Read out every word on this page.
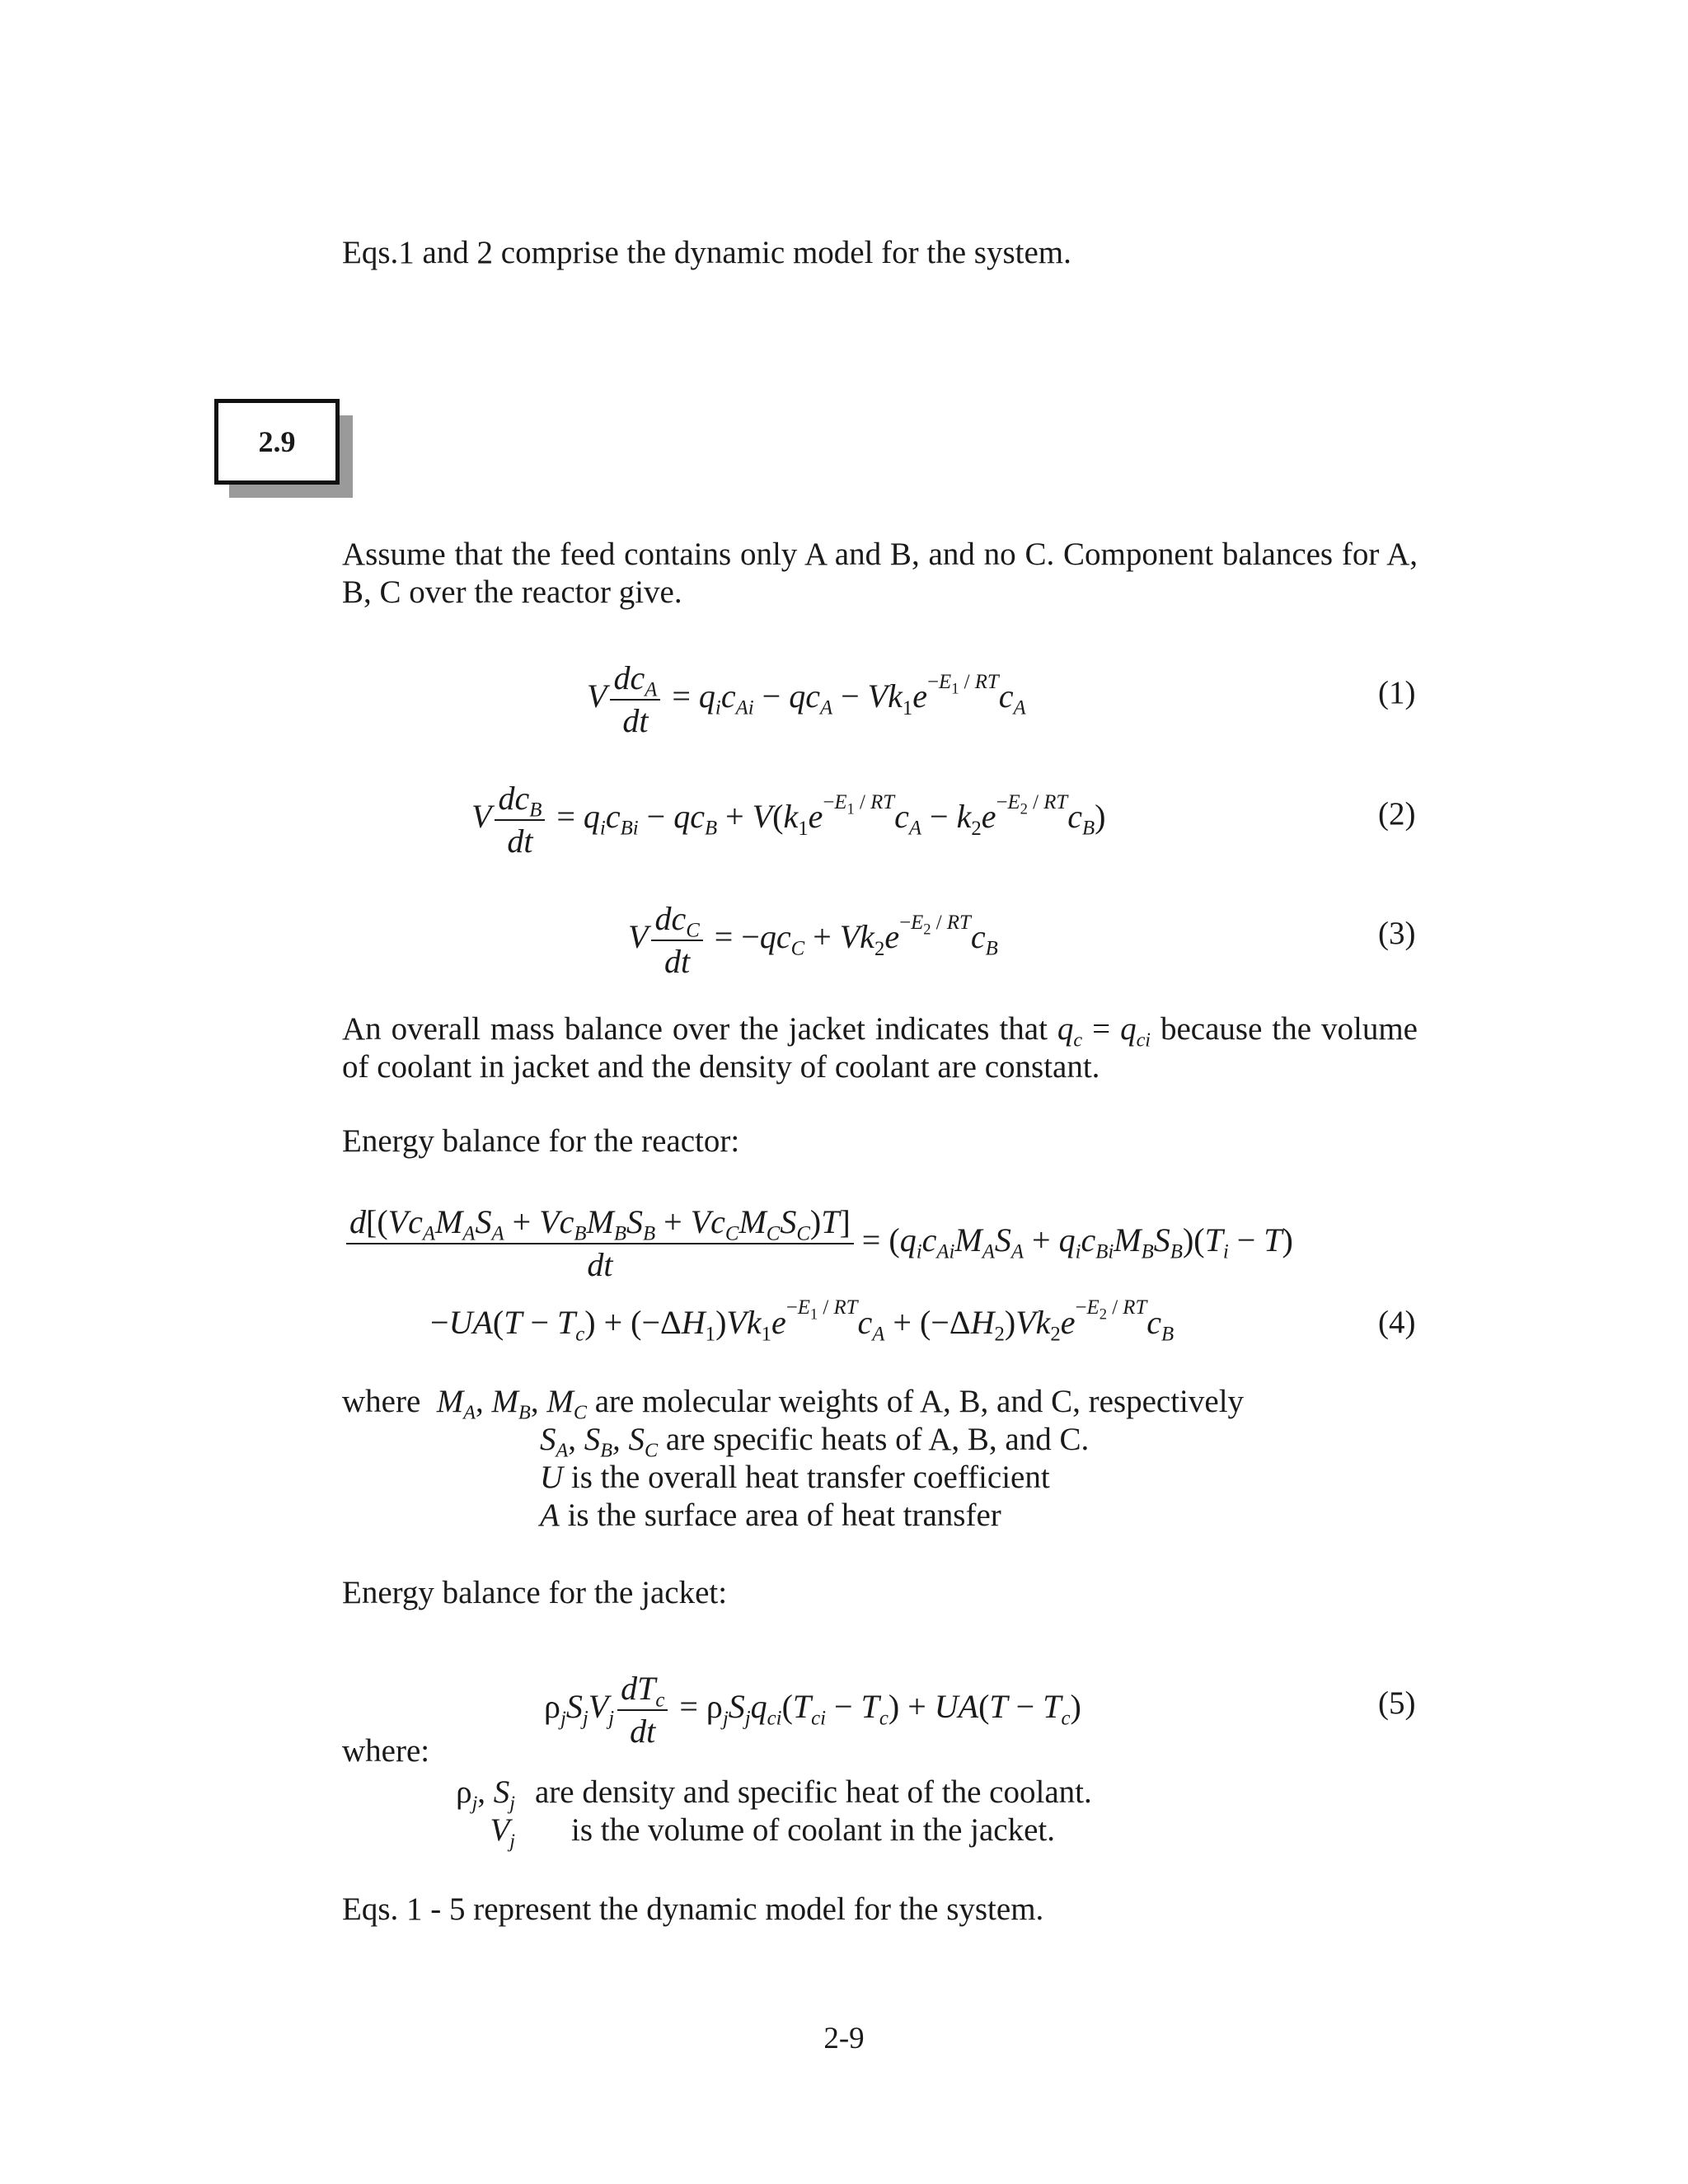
Eqs.1 and 2 comprise the dynamic model for the system.
2.9
Assume that the feed contains only A and B, and no C. Component balances for A, B, C over the reactor give.
V $\frac{dc_A}{dt} = q_ic_{Ai} - qc_A - Vk_1e^{-E_1 / RT}c_A$	(1)
V $\frac{dc_B}{dt} = q_ic_{Bi} - qc_B + V(k_1e^{-E_1 / RT}c_A - k_2e^{-E_2 / RT}c_B)$	(2)
V $\frac{dc_C}{dt} = -qc_C + Vk_2e^{-E_2 / RT}c_B$	(3)
An overall mass balance over the jacket indicates that $q_c = q_{ci}$ because the volume of coolant in jacket and the density of coolant are constant.
Energy balance for the reactor:
$\frac{d[(Vc_AM_AS_A + Vc_BM_BS_B + Vc_CM_CS_C)T]}{dt} = (q_ic_{Ai}M_AS_A + q_ic_{Bi}M_BS_B)(T_i - T)$
$-UA(T - T_c) + (-\Delta H_1)Vk_1e^{-E_1 / RT}c_A + (-\Delta H_2)Vk_2e^{-E_2 / RT}c_B$	(4)
where $M_A$, $M_B$, $M_C$ are molecular weights of A, B, and C, respectively
$S_A$, $S_B$, $S_C$ are specific heats of A, B, and C.
U is the overall heat transfer coefficient
A is the surface area of heat transfer
Energy balance for the jacket:
$\rho_jS_jV_j \frac{dT_c}{dt} = \rho_jS_jq_{ci}(T_{ci} - T_c) + UA(T - T_c)$	(5)
where:
$\rho_j$, $S_j$ are density and specific heat of the coolant.
$V_j$ is the volume of coolant in the jacket.
Eqs. 1 - 5 represent the dynamic model for the system.
2-9
